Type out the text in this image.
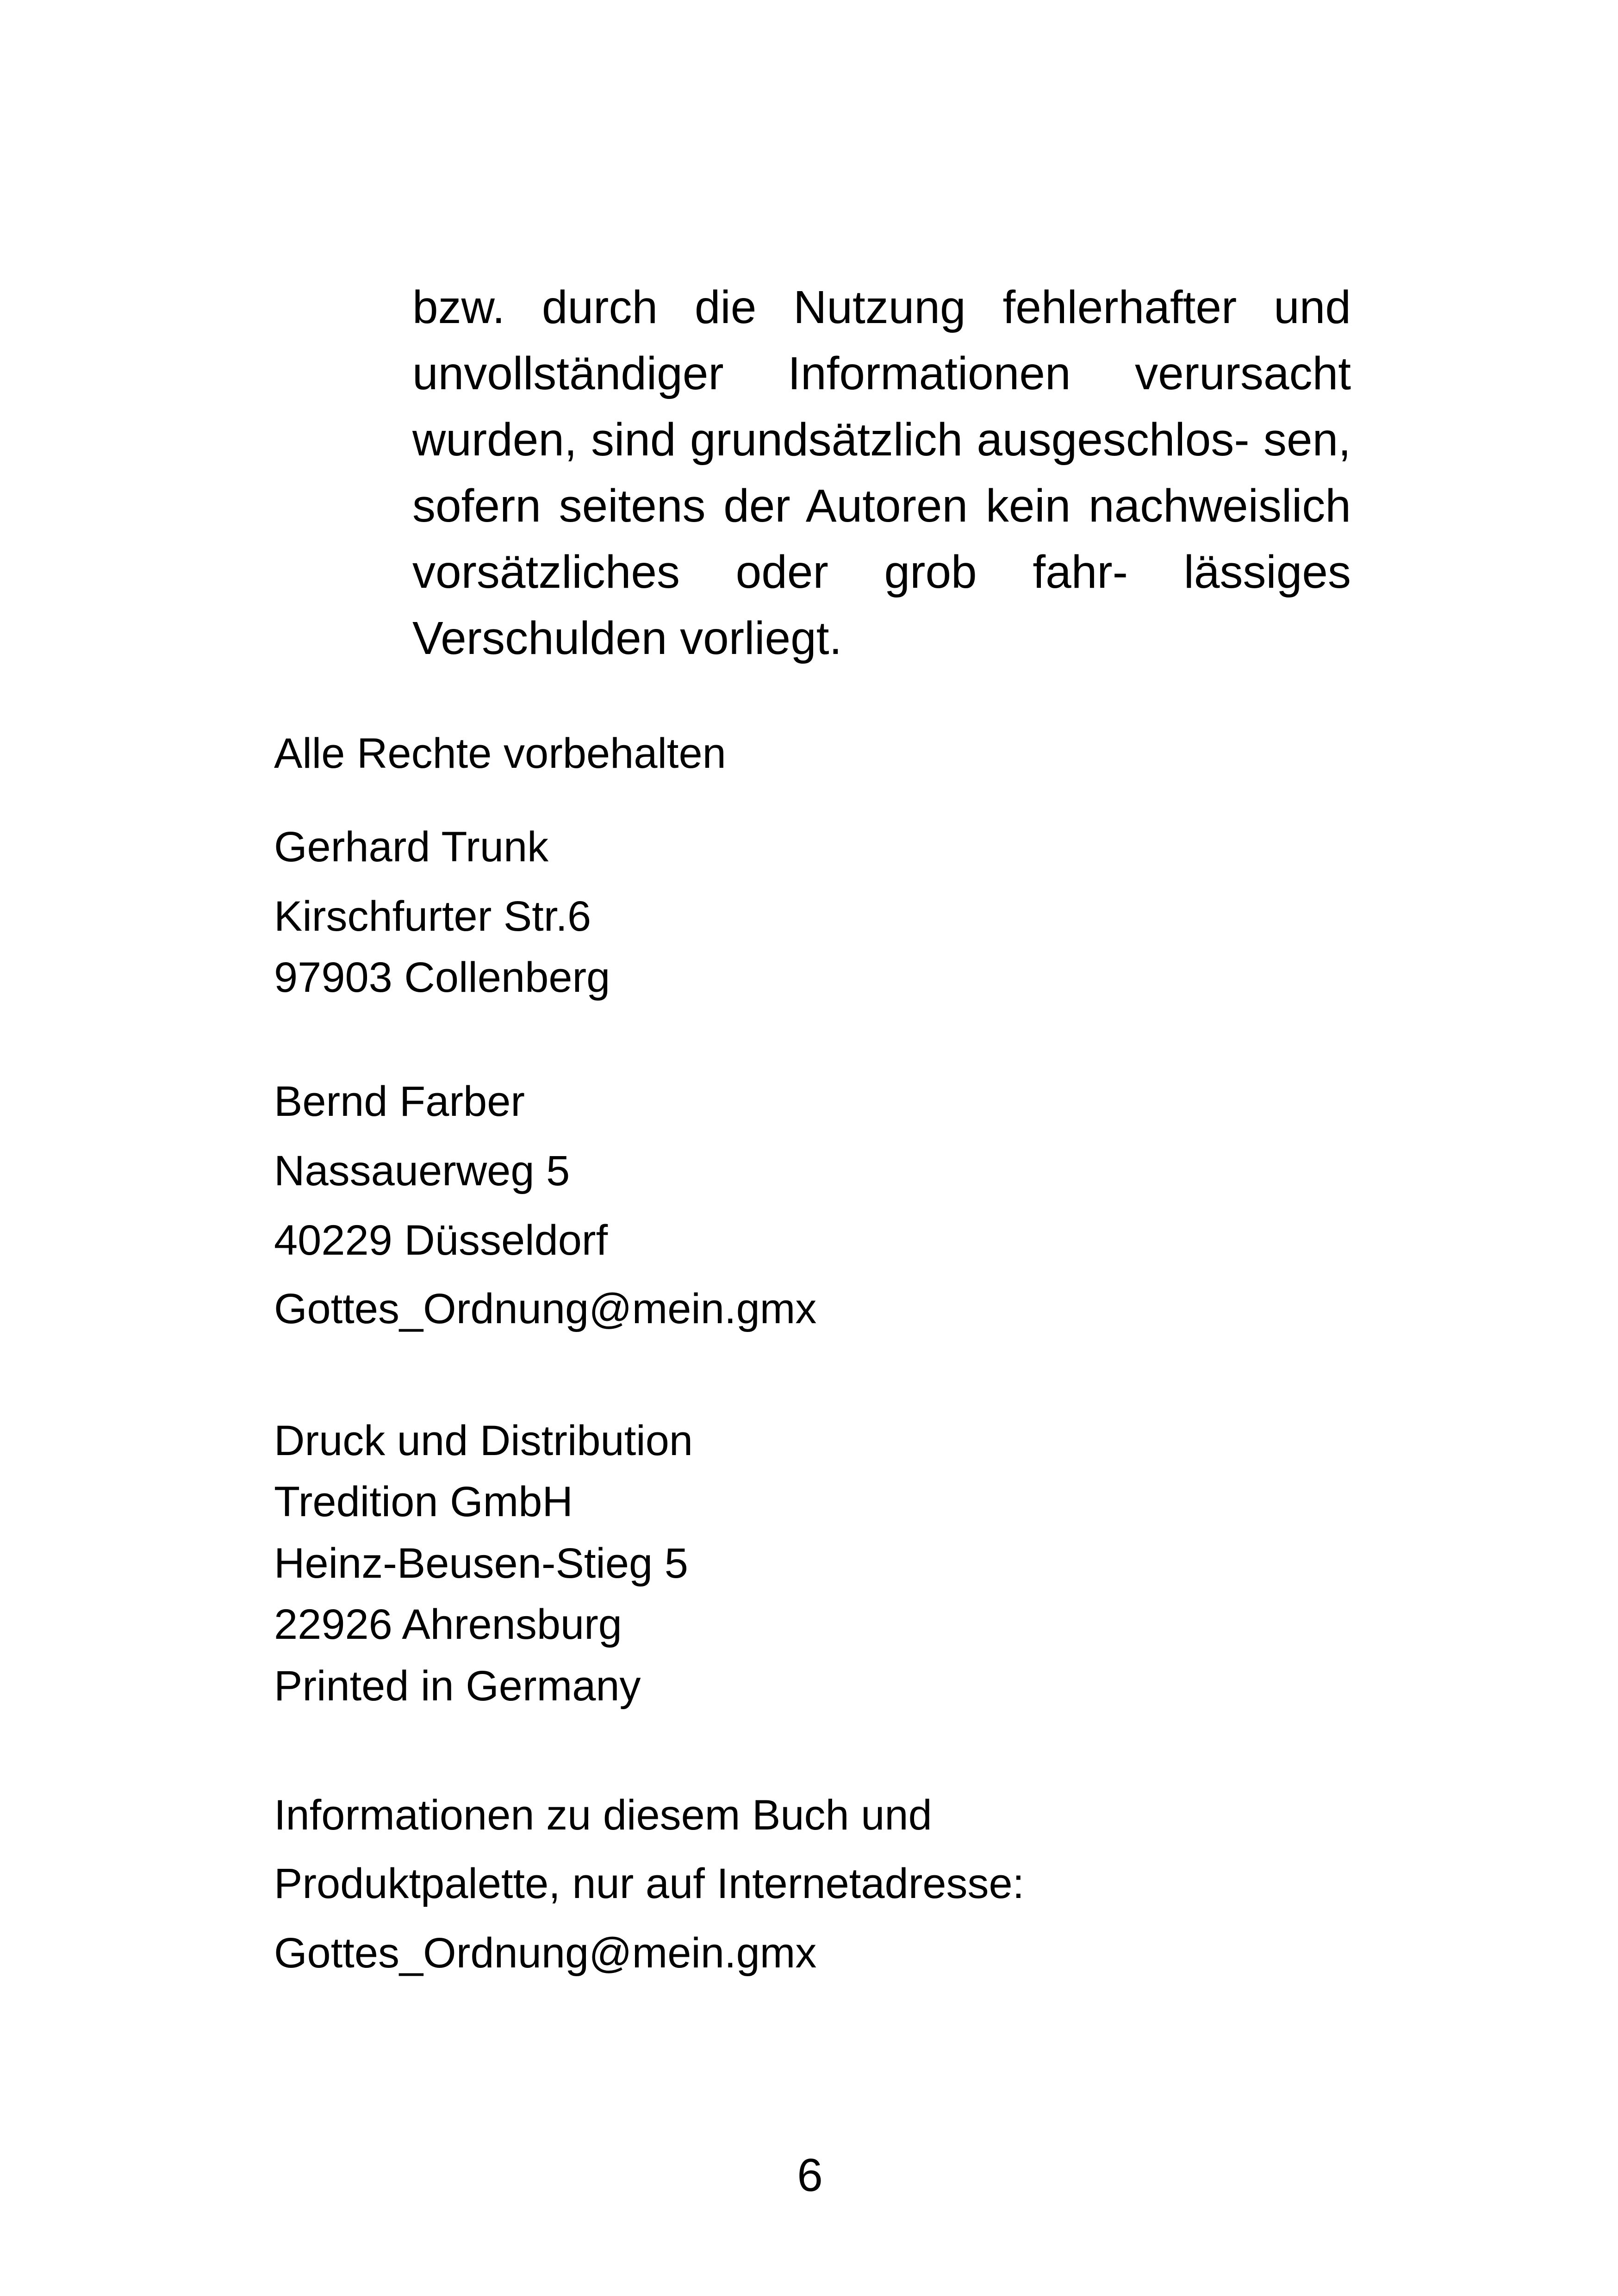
bzw. durch die Nutzung fehlerhafter und unvollständiger Informationen verursacht wurden, sind grundsätzlich ausgeschlos- sen, sofern seitens der Autoren kein nachweislich vorsätzliches oder grob fahr- lässiges Verschulden vorliegt.

Alle Rechte vorbehalten

Gerhard Trunk

Kirschfurter Str.6

97903 Collenberg

Bernd Farber

Nassauerweg 5

40229 Düsseldorf

Gottes_Ordnung@mein.gmx

Druck und Distribution

Tredition GmbH

Heinz-Beusen-Stieg 5

22926 Ahrensburg

Printed in Germany

Informationen zu diesem Buch und

Produktpalette, nur auf Internetadresse:

Gottes_Ordnung@mein.gmx

6
